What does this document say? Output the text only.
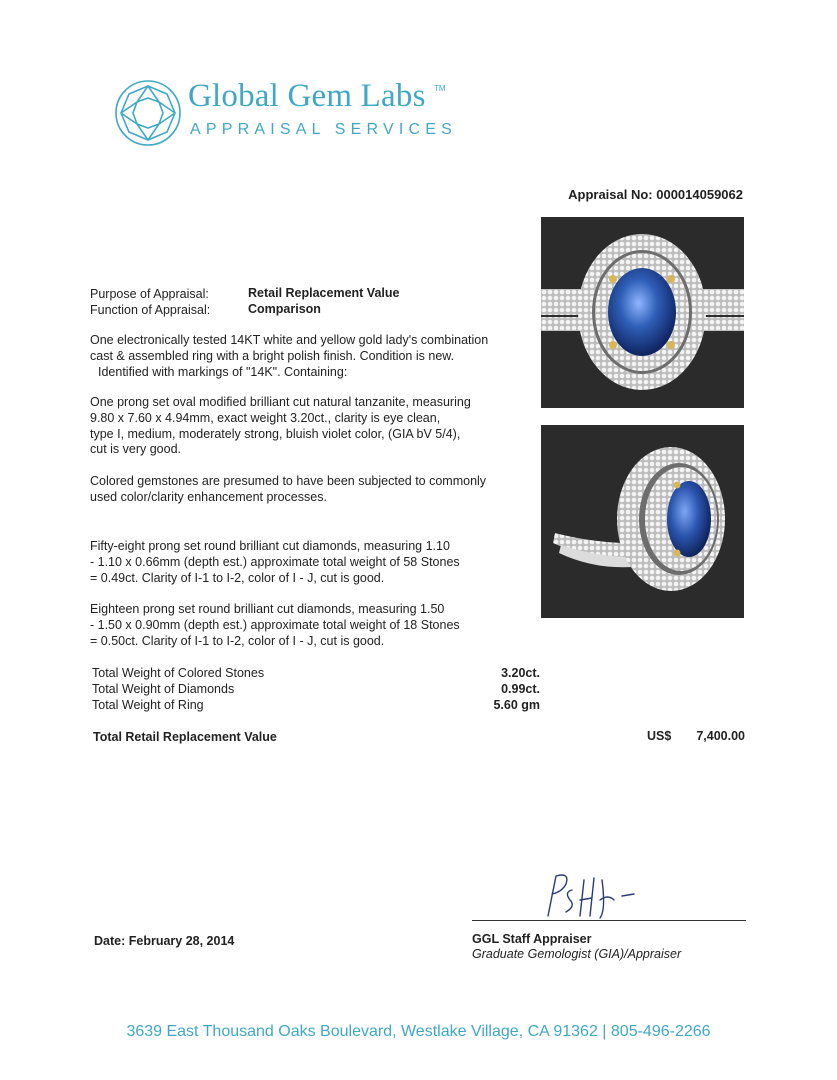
Global Gem Labs TM
APPRAISAL SERVICES
Appraisal No: 000014059062
Purpose of Appraisal:	Retail Replacement Value
Function of Appraisal:	Comparison
One electronically tested 14KT white and yellow gold lady's combination
cast & assembled ring with a bright polish finish. Condition is new.
Identified with markings of "14K". Containing:
One prong set oval modified brilliant cut natural tanzanite, measuring
9.80 x 7.60 x 4.94mm, exact weight 3.20ct., clarity is eye clean,
type I, medium, moderately strong, bluish violet color, (GIA bV 5/4),
cut is very good.
Colored gemstones are presumed to have been subjected to commonly
used color/clarity enhancement processes.
Fifty-eight prong set round brilliant cut diamonds, measuring 1.10
- 1.10 x 0.66mm (depth est.) approximate total weight of 58 Stones
= 0.49ct. Clarity of I-1 to I-2, color of I - J, cut is good.
Eighteen prong set round brilliant cut diamonds, measuring 1.50
- 1.50 x 0.90mm (depth est.) approximate total weight of 18 Stones
= 0.50ct. Clarity of I-1 to I-2, color of I - J, cut is good.
Total Weight of Colored Stones	3.20ct.
Total Weight of Diamonds	0.99ct.
Total Weight of Ring	5.60 gm
Total Retail Replacement Value	US$ 7,400.00
Date: February 28, 2014	GGL Staff Appraiser
Graduate Gemologist (GIA)/Appraiser
3639 East Thousand Oaks Boulevard, Westlake Village, CA 91362 | 805-496-2266
